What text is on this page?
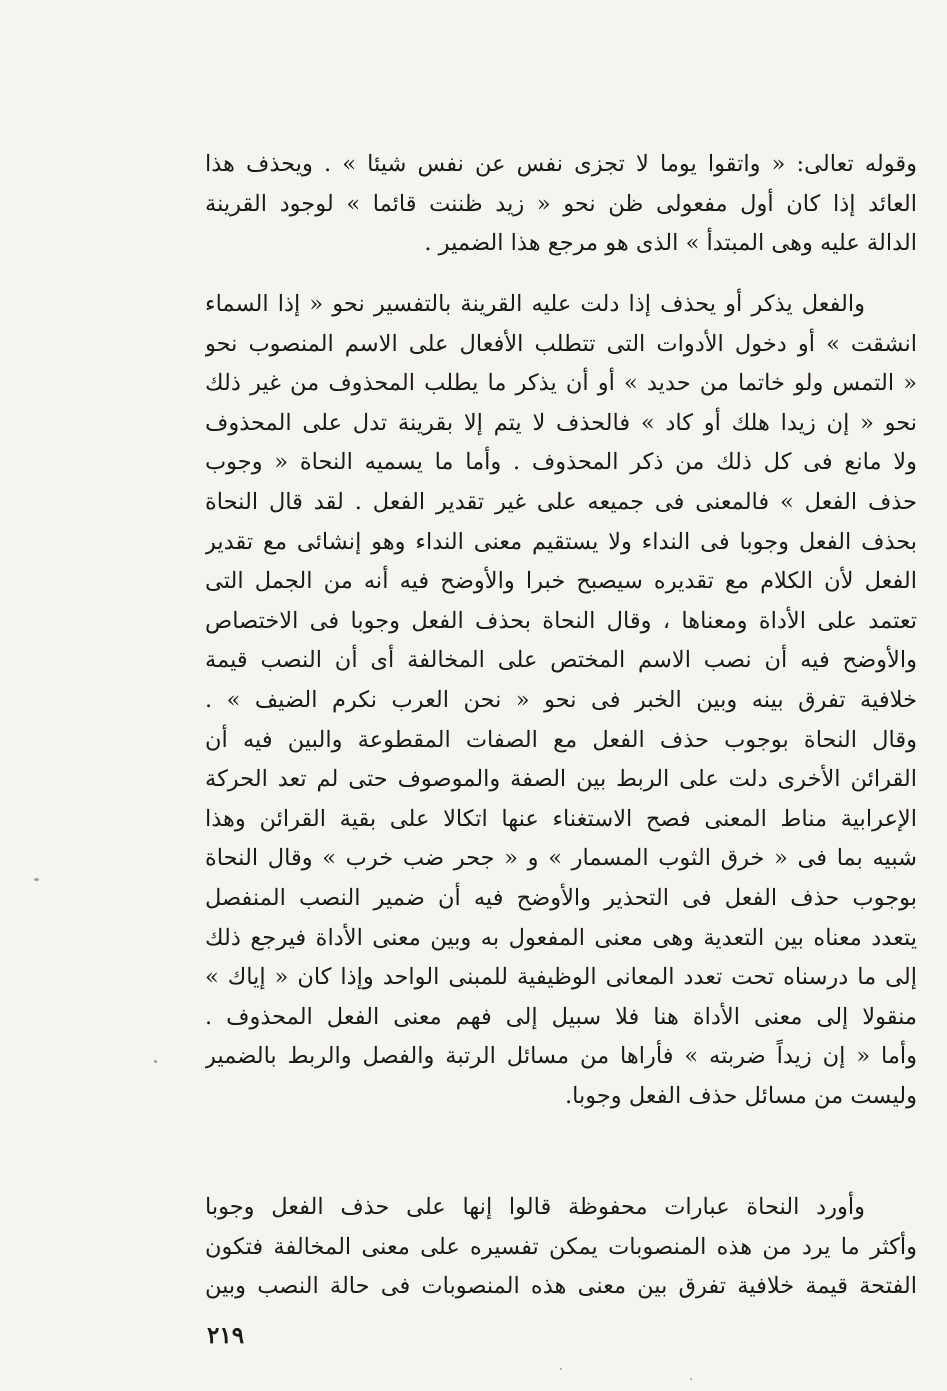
وقوله تعالى: « واتقوا يوما لا تجزى نفس عن نفس شيئا » . ويحذف هذا
العائد إذا كان أول مفعولى ظن نحو « زيد ظننت قائما » لوجود القرينة
الدالة عليه وهى المبتدأ » الذى هو مرجع هذا الضمير .
والفعل يذكر أو يحذف إذا دلت عليه القرينة بالتفسير نحو « إذا السماء
انشقت » أو دخول الأدوات التى تتطلب الأفعال على الاسم المنصوب نحو
« التمس ولو خاتما من حديد » أو أن يذكر ما يطلب المحذوف من غير ذلك
نحو « إن زيدا هلك أو كاد » فالحذف لا يتم إلا بقرينة تدل على المحذوف
ولا مانع فى كل ذلك من ذكر المحذوف . وأما ما يسميه النحاة « وجوب
حذف الفعل » فالمعنى فى جميعه على غير تقدير الفعل . لقد قال النحاة
بحذف الفعل وجوبا فى النداء ولا يستقيم معنى النداء وهو إنشائى مع تقدير
الفعل لأن الكلام مع تقديره سيصبح خبرا والأوضح فيه أنه من الجمل التى
تعتمد على الأداة ومعناها ، وقال النحاة بحذف الفعل وجوبا فى الاختصاص
والأوضح فيه أن نصب الاسم المختص على المخالفة أى أن النصب قيمة
خلافية تفرق بينه وبين الخبر فى نحو « نحن العرب نكرم الضيف » .
وقال النحاة بوجوب حذف الفعل مع الصفات المقطوعة والبين فيه أن
القرائن الأخرى دلت على الربط بين الصفة والموصوف حتى لم تعد الحركة
الإعرابية مناط المعنى فصح الاستغناء عنها اتكالا على بقية القرائن وهذا
شبيه بما فى « خرق الثوب المسمار » و « جحر ضب خرب » وقال النحاة
بوجوب حذف الفعل فى التحذير والأوضح فيه أن ضمير النصب المنفصل
يتعدد معناه بين التعدية وهى معنى المفعول به وبين معنى الأداة فيرجع ذلك
إلى ما درسناه تحت تعدد المعانى الوظيفية للمبنى الواحد وإذا كان « إياك »
منقولا إلى معنى الأداة هنا فلا سبيل إلى فهم معنى الفعل المحذوف .
وأما « إن زيداً ضربته » فأراها من مسائل الرتبة والفصل والربط بالضمير
وليست من مسائل حذف الفعل وجوبا.
وأورد النحاة عبارات محفوظة قالوا إنها على حذف الفعل وجوبا
وأكثر ما يرد من هذه المنصوبات يمكن تفسيره على معنى المخالفة فتكون
الفتحة قيمة خلافية تفرق بين معنى هذه المنصوبات فى حالة النصب وبين
٢١٩
